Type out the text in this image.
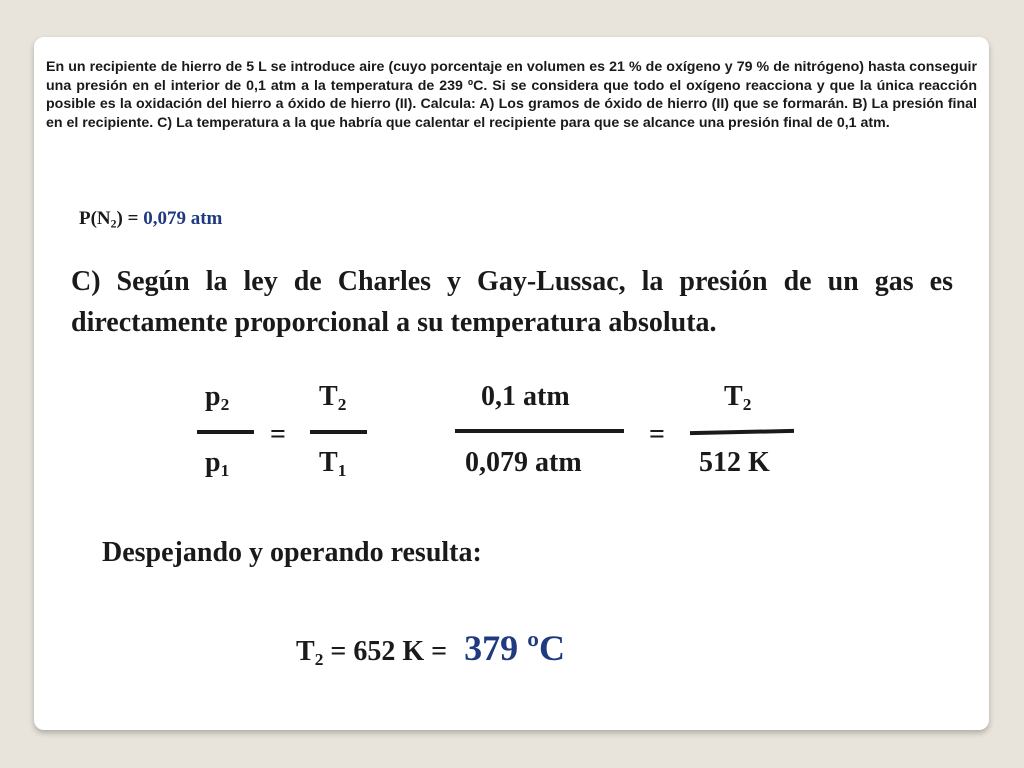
En un recipiente de hierro de 5 L se introduce aire (cuyo porcentaje en volumen es 21 % de oxígeno y 79 % de nitrógeno) hasta conseguir una presión en el interior de 0,1 atm a la temperatura de 239 ºC. Si se considera que todo el oxígeno reacciona y que la única reacción posible es la oxidación del hierro a óxido de hierro (II). Calcula: A) Los gramos de óxido de hierro (II) que se formarán. B) La presión final en el recipiente. C) La temperatura a la que habría que calentar el recipiente para que se alcance una presión final de 0,1 atm.
$P(N_2) = 0,079$ atm
C) Según la ley de Charles y Gay-Lussac, la presión de un gas es directamente proporcional a su temperatura absoluta.
$p_2$
$p_1$
=
$T_2$
$T_1$
0,1 atm
0,079 atm
=
$T_2$
512 K
Despejando y operando resulta:
$T_2 = 652$ K = 379 ºC
